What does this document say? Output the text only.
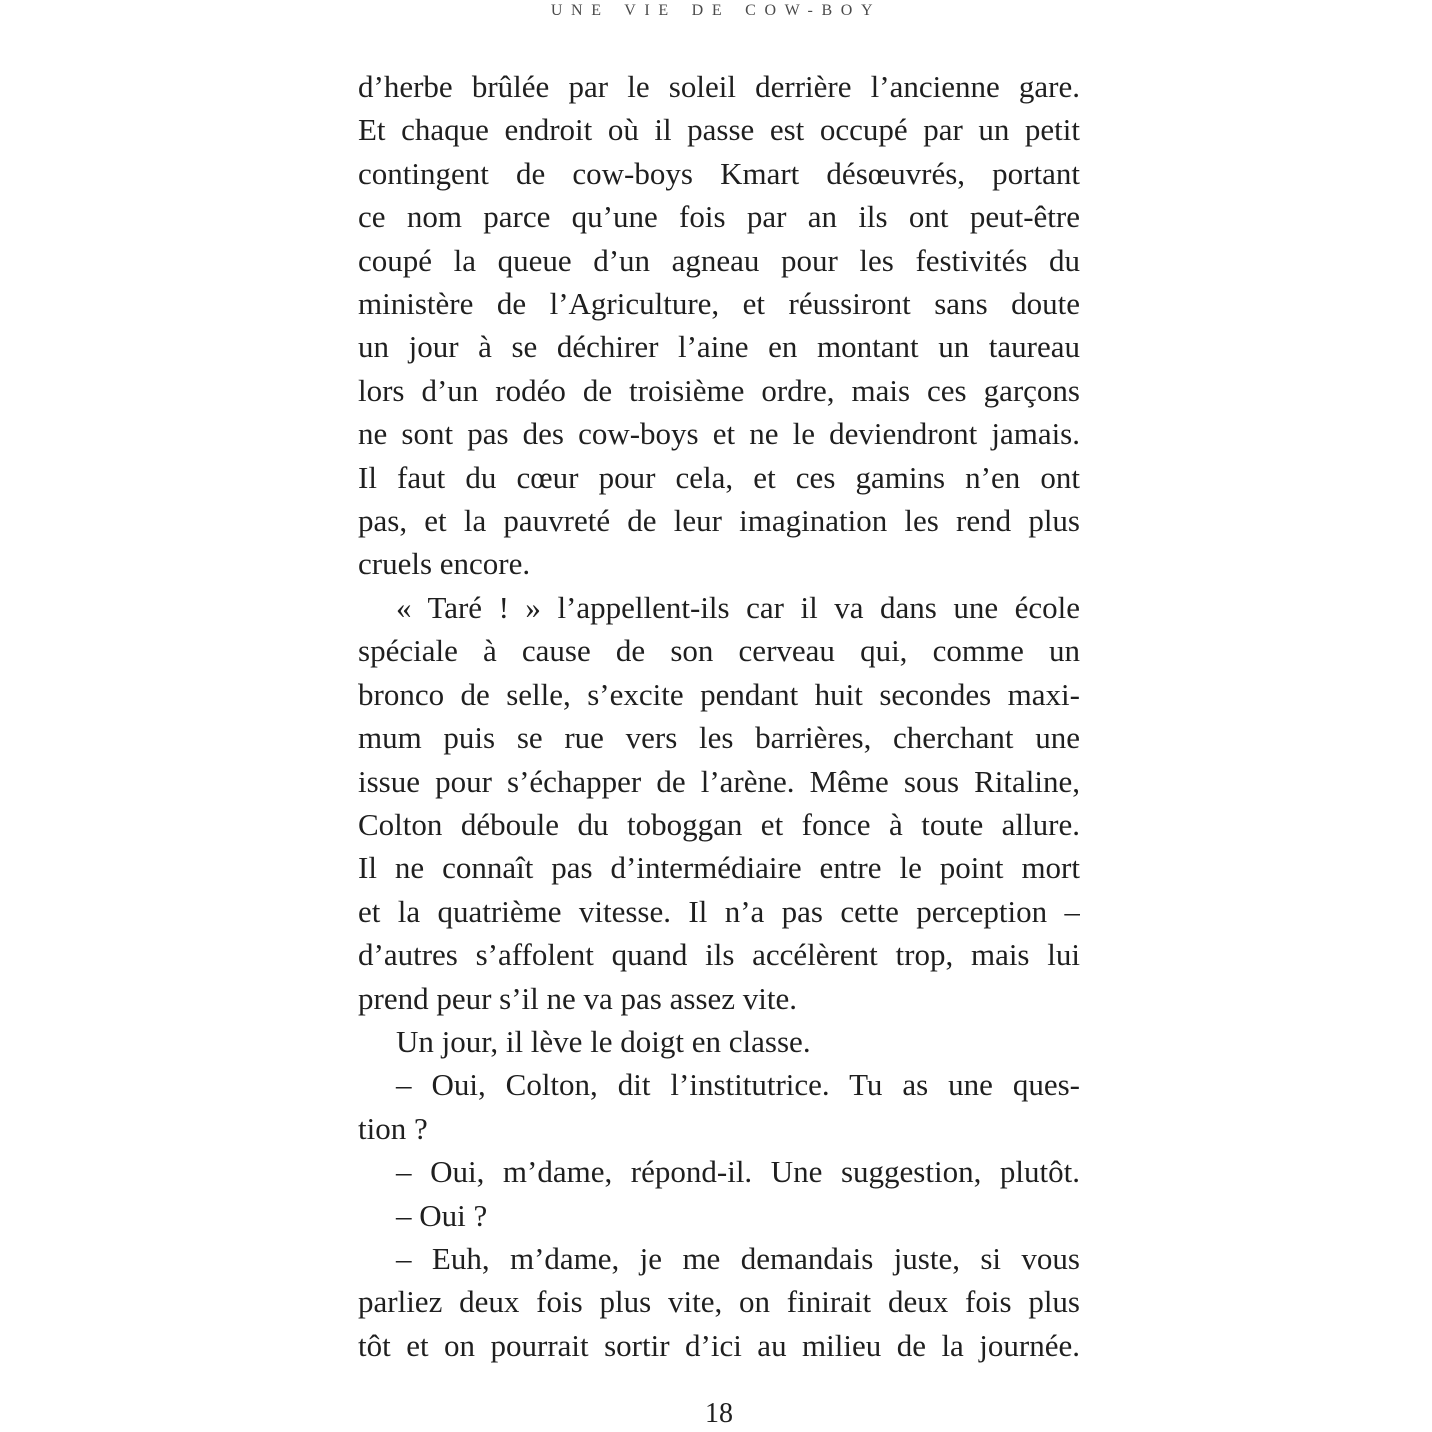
UNE VIE DE COW-BOY
d’herbe brûlée par le soleil derrière l’ancienne gare.
Et chaque endroit où il passe est occupé par un petit
contingent de cow-boys Kmart désœuvrés, portant
ce nom parce qu’une fois par an ils ont peut-être
coupé la queue d’un agneau pour les festivités du
ministère de l’Agriculture, et réussiront sans doute
un jour à se déchirer l’aine en montant un taureau
lors d’un rodéo de troisième ordre, mais ces garçons
ne sont pas des cow-boys et ne le deviendront jamais.
Il faut du cœur pour cela, et ces gamins n’en ont
pas, et la pauvreté de leur imagination les rend plus
cruels encore.
« Taré ! » l’appellent-ils car il va dans une école
spéciale à cause de son cerveau qui, comme un
bronco de selle, s’excite pendant huit secondes maxi-
mum puis se rue vers les barrières, cherchant une
issue pour s’échapper de l’arène. Même sous Ritaline,
Colton déboule du toboggan et fonce à toute allure.
Il ne connaît pas d’intermédiaire entre le point mort
et la quatrième vitesse. Il n’a pas cette perception –
d’autres s’affolent quand ils accélèrent trop, mais lui
prend peur s’il ne va pas assez vite.
Un jour, il lève le doigt en classe.
– Oui, Colton, dit l’institutrice. Tu as une ques-
tion ?
– Oui, m’dame, répond-il. Une suggestion, plutôt.
– Oui ?
– Euh, m’dame, je me demandais juste, si vous
parliez deux fois plus vite, on finirait deux fois plus
tôt et on pourrait sortir d’ici au milieu de la journée.
18
